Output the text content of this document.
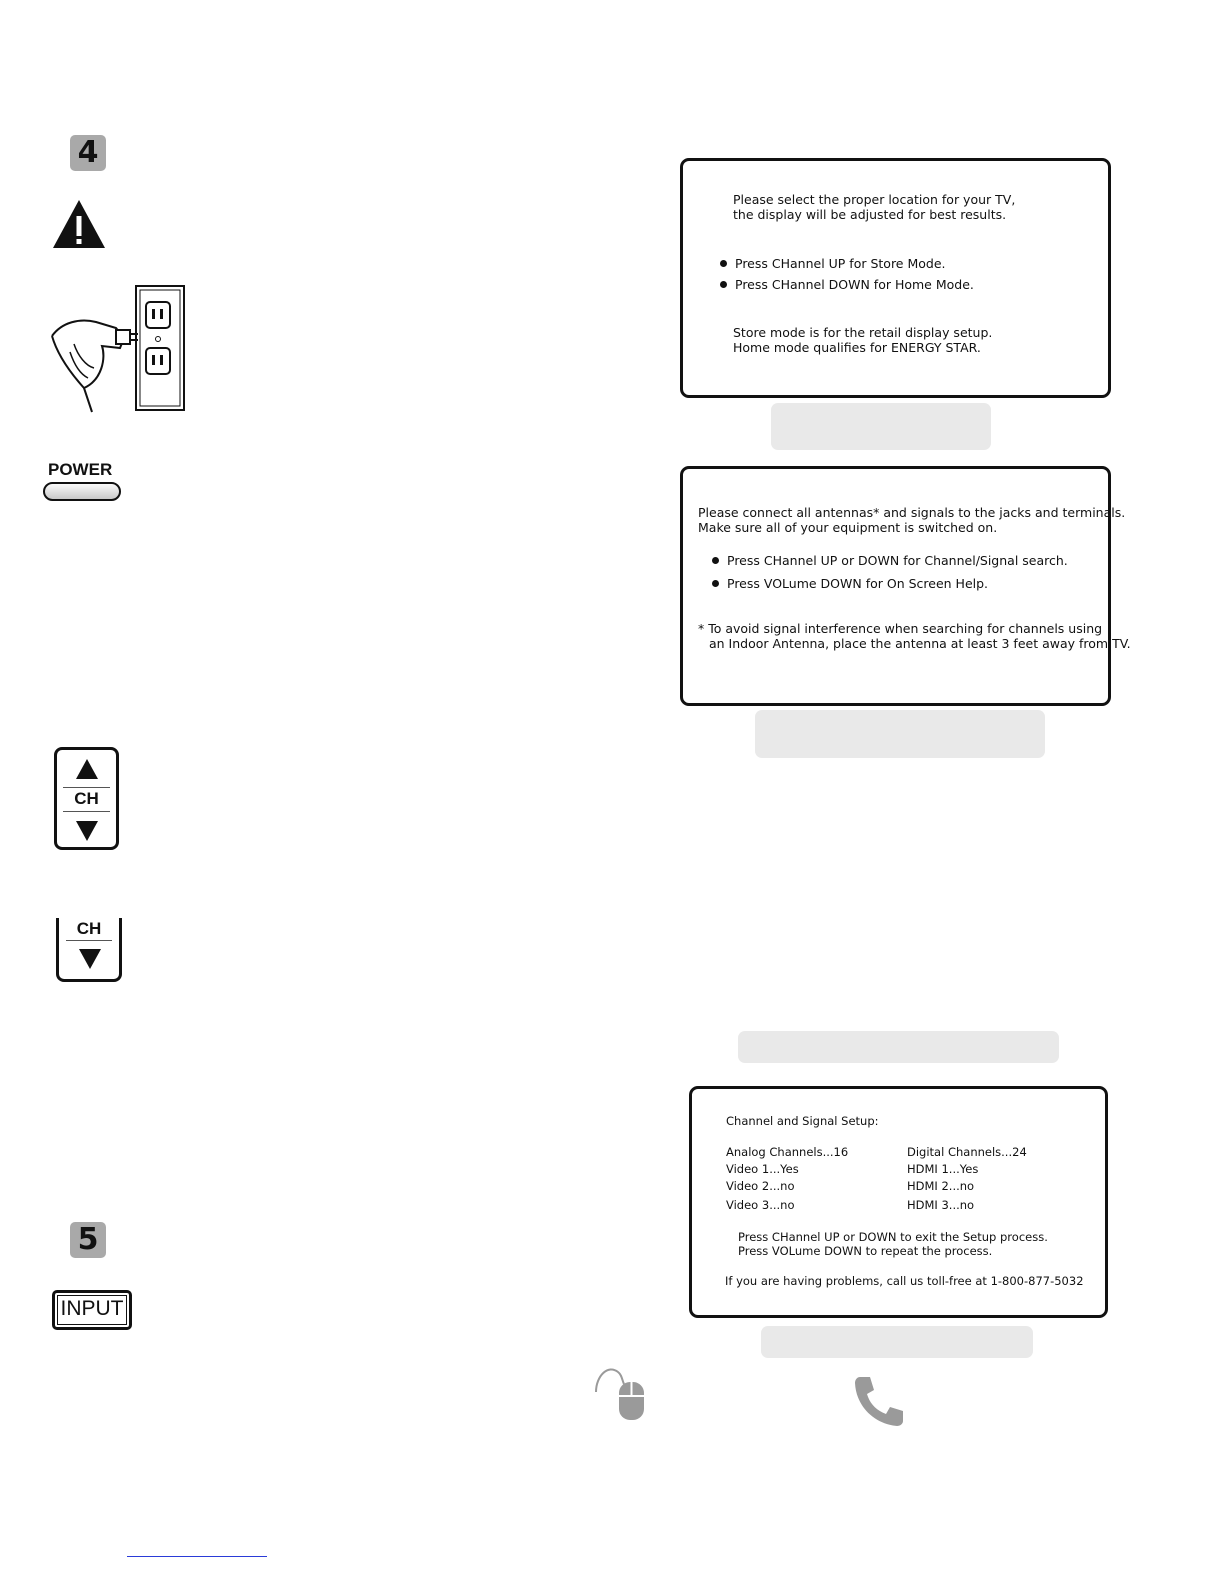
4
POWER
CH
CH
5
INPUT
Please select the proper location for your TV,
the display will be adjusted for best results.
Press CHannel UP for Store Mode.
Press CHannel DOWN for Home Mode.
Store mode is for the retail display setup.
Home mode qualifies for ENERGY STAR.
Please connect all antennas* and signals to the jacks and terminals.
Make sure all of your equipment is switched on.
Press CHannel UP or DOWN for Channel/Signal search.
Press VOLume DOWN for On Screen Help.
* To avoid signal interference when searching for channels using
an Indoor Antenna, place the antenna at least 3 feet away from TV.
Channel and Signal Setup:
Analog Channels...16
Video 1...Yes
Video 2...no
Video 3...no
Digital Channels...24
HDMI 1...Yes
HDMI 2...no
HDMI 3...no
Press CHannel UP or DOWN to exit the Setup process.
Press VOLume DOWN to repeat the process.
If you are having problems, call us toll-free at 1-800-877-5032
